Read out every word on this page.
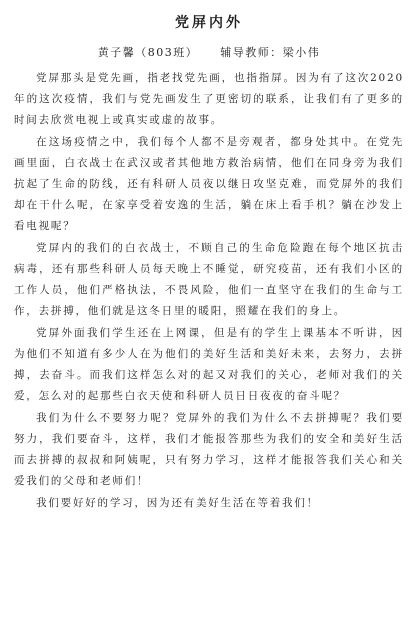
党屏内外
黄子馨（803班） 辅导教师：梁小伟

党屏那头是党先画，指老找党先画，也指指屏。因为有了这次2020年的这次疫情，我们与党先画发生了更密切的联系，让我们有了更多的时间去欣赏电视上或真实或虚的故事。

在这场疫情之中，我们每个人都不是旁观者，都身处其中。在党先画里面，白衣战士在武汉或者其他地方救治病情，他们在同身旁为我们抗起了生命的防线，还有科研人员夜以继日攻坚克难，而党屏外的我们却在干什么呢，在家享受着安逸的生活，躺在床上看手机？躺在沙发上看电视呢？

党屏内的我们的白衣战士，不顾自己的生命危险跑在每个地区抗击病毒，还有那些科研人员每天晚上不睡觉，研究疫苗，还有我们小区的工作人员，他们严格执法，不畏风险，他们一直坚守在我们的生命与工作，去拼搏，他们就是这冬日里的暖阳，照耀在我们的身上。

党屏外面我们学生还在上网课，但是有的学生上课基本不听讲，因为他们不知道有多少人在为他们的美好生活和美好未来，去努力，去拼搏，去奋斗。而我们这样怎么对的起又对我们的关心，老师对我们的关爱，怎么对的起那些白衣天使和科研人员日日夜夜的奋斗呢？

我们为什么不要努力呢？党屏外的我们为什么不去拼搏呢？我们要努力，我们要奋斗，这样，我们才能报答那些为我们的安全和美好生活而去拼搏的叔叔和阿姨呢，只有努力学习，这样才能报答我们关心和关爱我们的父母和老师们！

我们要好好的学习，因为还有美好生活在等着我们！
